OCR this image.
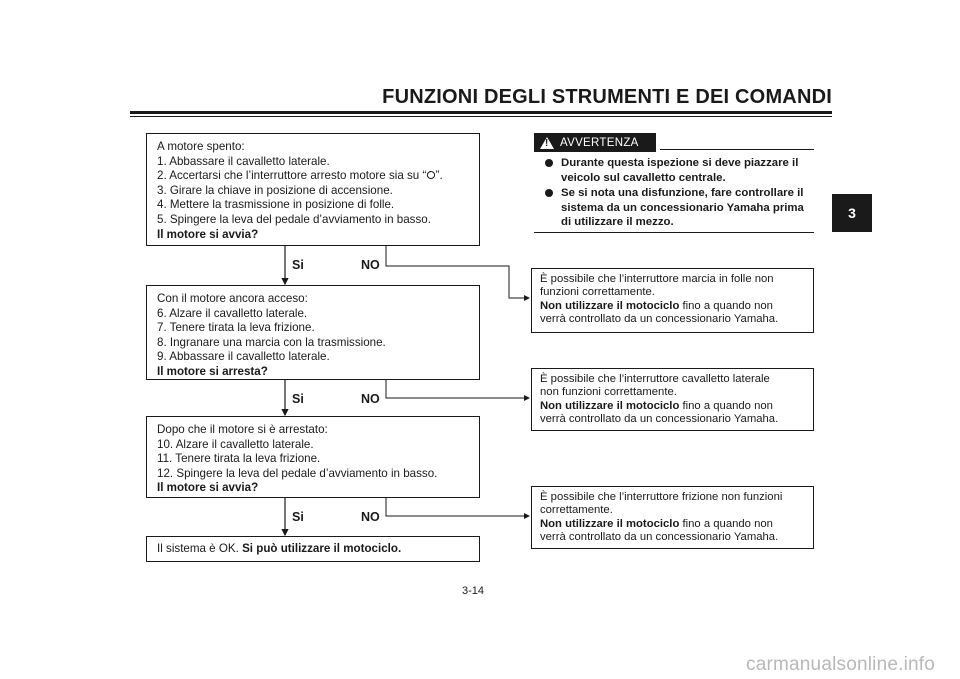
FUNZIONI DEGLI STRUMENTI E DEI COMANDI
3
A motore spento:
1. Abbassare il cavalletto laterale.
2. Accertarsi che l’interruttore arresto motore sia su “⭘”.
3. Girare la chiave in posizione di accensione.
4. Mettere la trasmissione in posizione di folle.
5. Spingere la leva del pedale d’avviamento in basso.
Il motore si avvia?
Si	NO
Con il motore ancora acceso:
6. Alzare il cavalletto laterale.
7. Tenere tirata la leva frizione.
8. Ingranare una marcia con la trasmissione.
9. Abbassare il cavalletto laterale.
Il motore si arresta?
Si	NO
Dopo che il motore si è arrestato:
10. Alzare il cavalletto laterale.
11. Tenere tirata la leva frizione.
12. Spingere la leva del pedale d’avviamento in basso.
Il motore si avvia?
Si	NO
Il sistema è OK. Si può utilizzare il motociclo.
!
AVVERTENZA
Durante questa ispezione si deve piazzare il veicolo sul cavalletto centrale.
Se si nota una disfunzione, fare controllare il sistema da un concessionario Yamaha prima di utilizzare il mezzo.
È possibile che l’interruttore marcia in folle non
funzioni correttamente.
Non utilizzare il motociclo fino a quando non
verrà controllato da un concessionario Yamaha.
È possibile che l’interruttore cavalletto laterale
non funzioni correttamente.
Non utilizzare il motociclo fino a quando non
verrà controllato da un concessionario Yamaha.
È possibile che l’interruttore frizione non funzioni
correttamente.
Non utilizzare il motociclo fino a quando non
verrà controllato da un concessionario Yamaha.
3-14
carmanualsonline.info
